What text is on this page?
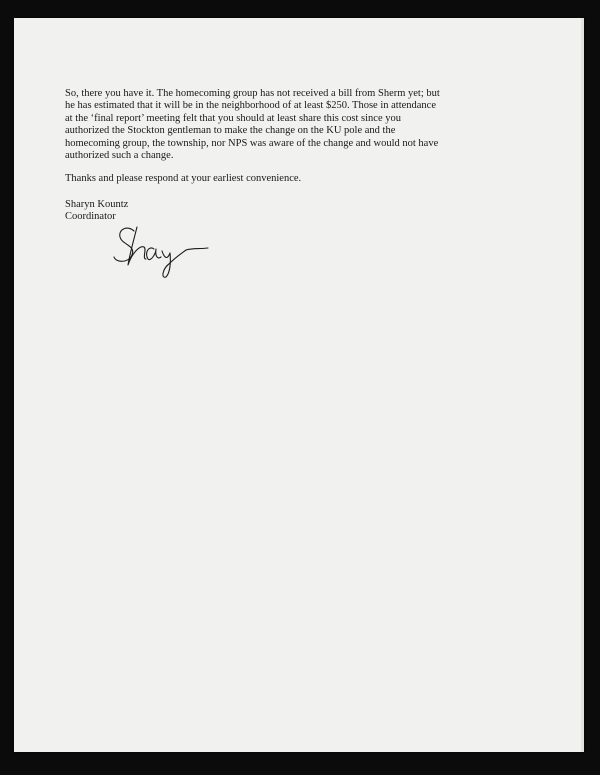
So, there you have it. The homecoming group has not received a bill from Sherm yet; but
he has estimated that it will be in the neighborhood of at least $250. Those in attendance
at the ‘final report’ meeting felt that you should at least share this cost since you
authorized the Stockton gentleman to make the change on the KU pole and the
homecoming group, the township, nor NPS was aware of the change and would not have
authorized such a change.

Thanks and please respond at your earliest convenience.

Sharyn Kountz
Coordinator
